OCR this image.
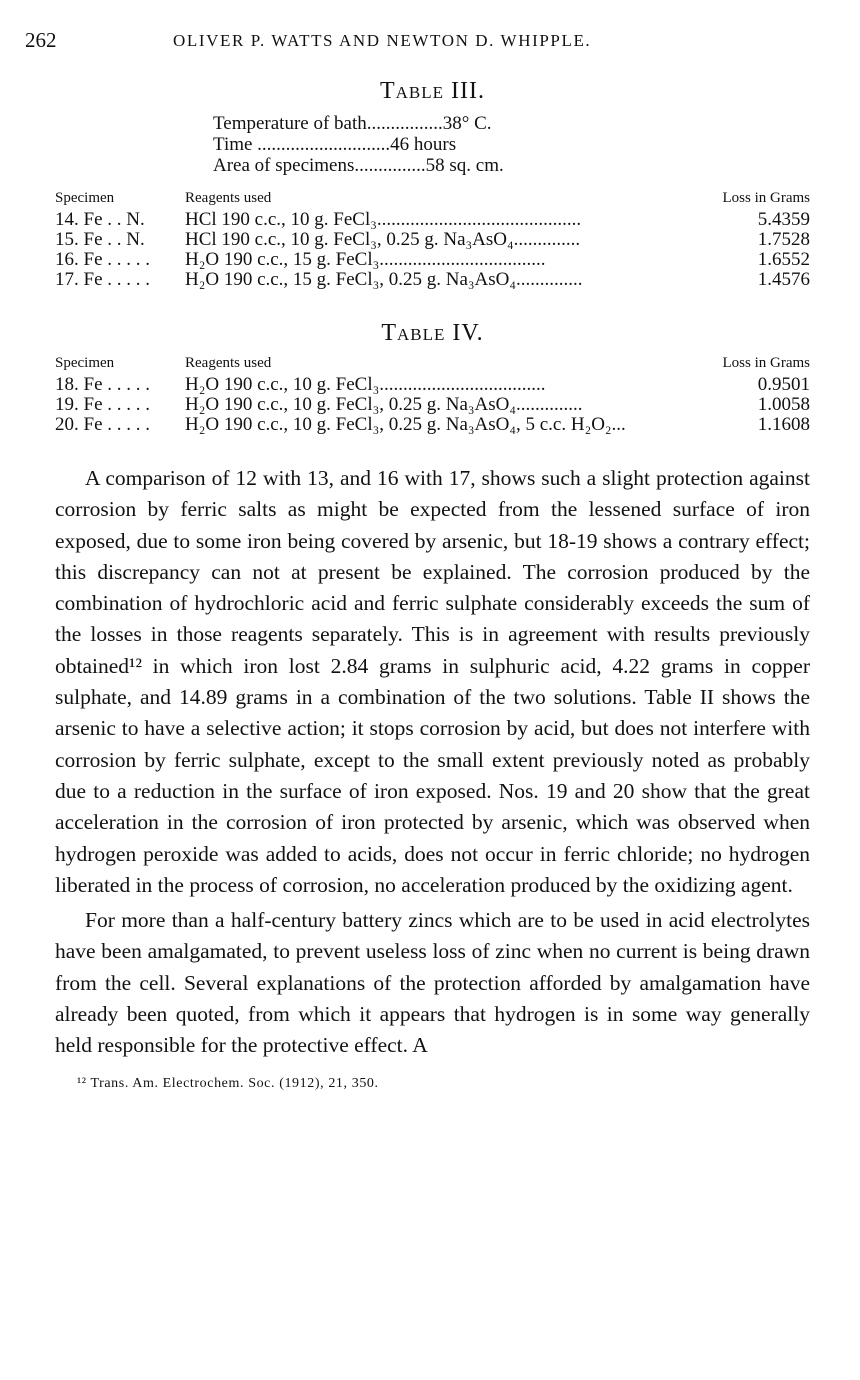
262	OLIVER P. WATTS AND NEWTON D. WHIPPLE.
Table III.
Temperature of bath................38° C.
Time ............................46 hours
Area of specimens...............58 sq. cm.
Specimen	Reagents used	Loss in Grams
14. Fe . . N. HCl 190 c.c., 10 g. FeCl₃...........................................	5.4359
15. Fe . . N. HCl 190 c.c., 10 g. FeCl₃, 0.25 g. Na₃AsO₄..............	1.7528
16. Fe . . . . . H₂O 190 c.c., 15 g. FeCl₃...................................	1.6552
17. Fe . . . . . H₂O 190 c.c., 15 g. FeCl₃, 0.25 g. Na₃AsO₄..............	1.4576
Table IV.
Specimen	Reagents used	Loss in Grams
18. Fe . . . . . H₂O 190 c.c., 10 g. FeCl₃...................................	0.9501
19. Fe . . . . . H₂O 190 c.c., 10 g. FeCl₃, 0.25 g. Na₃AsO₄..............	1.0058
20. Fe . . . . . H₂O 190 c.c., 10 g. FeCl₃, 0.25 g. Na₃AsO₄, 5 c.c. H₂O₂...	1.1608

A comparison of 12 with 13, and 16 with 17, shows such a slight protection against corrosion by ferric salts as might be expected from the lessened surface of iron exposed, due to some iron being covered by arsenic, but 18-19 shows a contrary effect; this discrepancy can not at present be explained. The corrosion produced by the combination of hydrochloric acid and ferric sulphate considerably exceeds the sum of the losses in those reagents separately. This is in agreement with results previously obtained¹² in which iron lost 2.84 grams in sulphuric acid, 4.22 grams in copper sulphate, and 14.89 grams in a combination of the two solutions. Table II shows the arsenic to have a selective action; it stops corrosion by acid, but does not interfere with corrosion by ferric sulphate, except to the small extent previously noted as probably due to a reduction in the surface of iron exposed. Nos. 19 and 20 show that the great acceleration in the corrosion of iron protected by arsenic, which was observed when hydrogen peroxide was added to acids, does not occur in ferric chloride; no hydrogen liberated in the process of corrosion, no acceleration produced by the oxidizing agent.

For more than a half-century battery zincs which are to be used in acid electrolytes have been amalgamated, to prevent useless loss of zinc when no current is being drawn from the cell. Several explanations of the protection afforded by amalgamation have already been quoted, from which it appears that hydrogen is in some way generally held responsible for the protective effect. A

¹² Trans. Am. Electrochem. Soc. (1912), 21, 350.
